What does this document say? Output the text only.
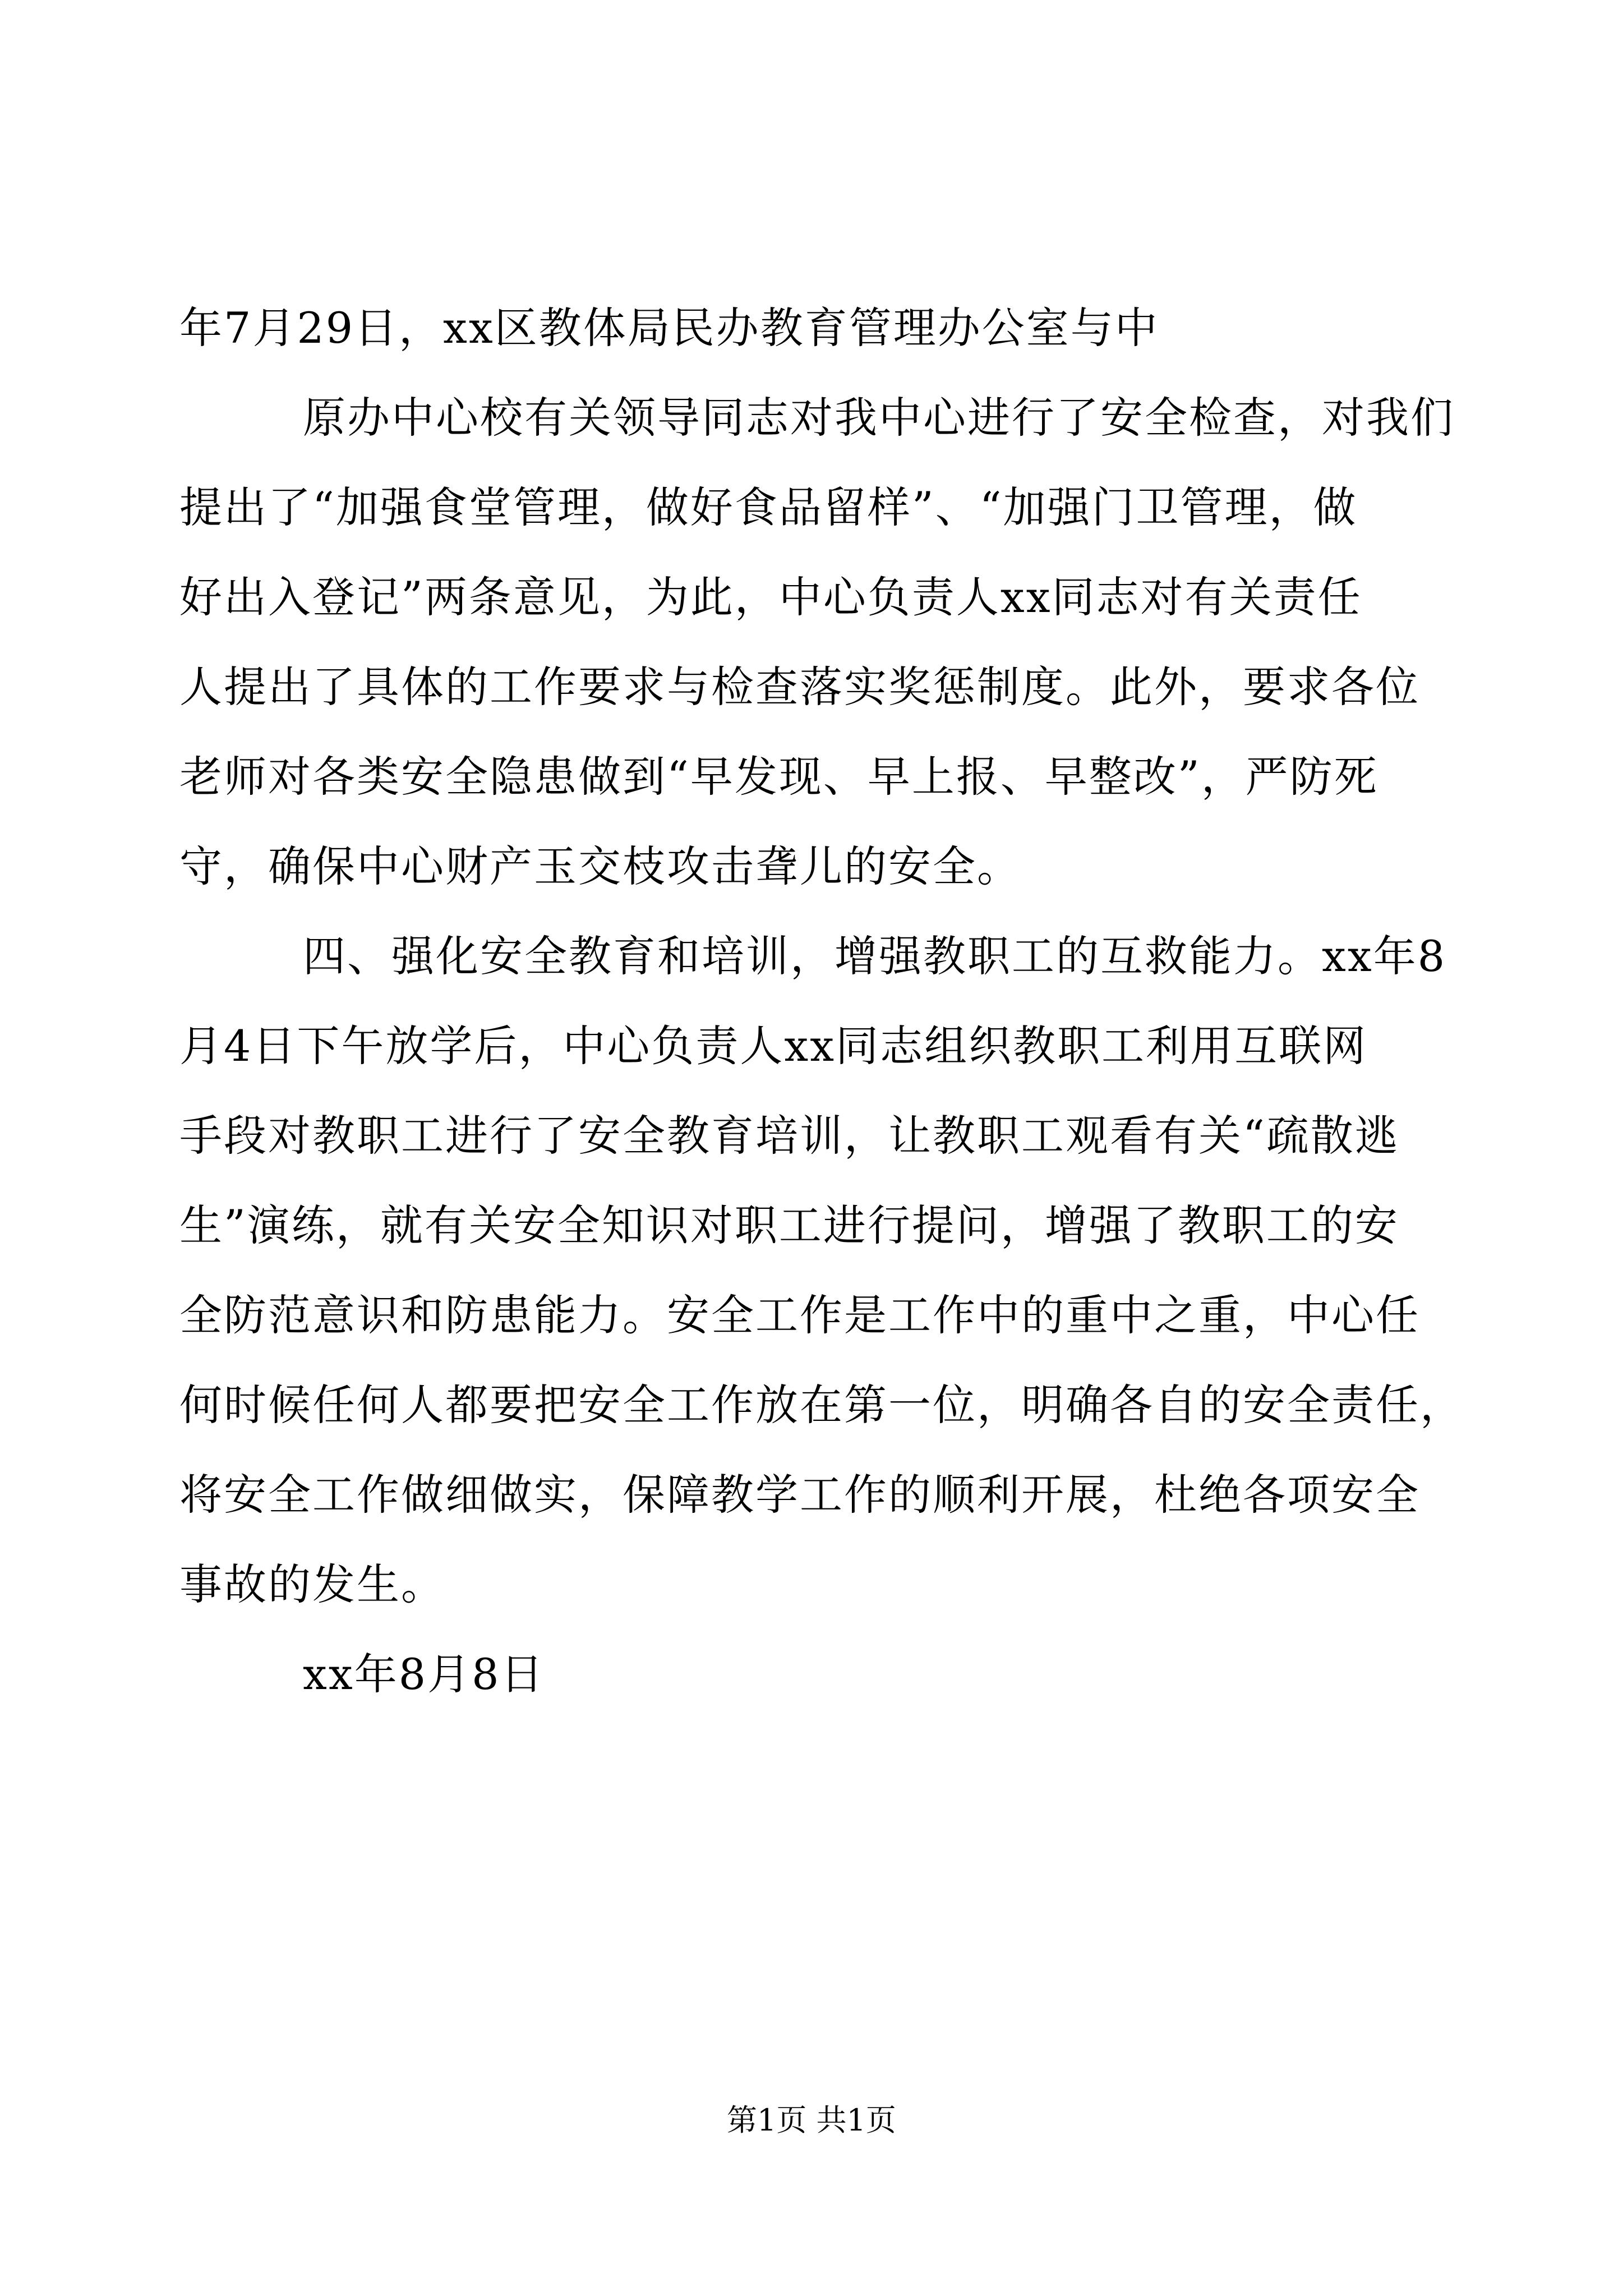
年7月29日，xx区教体局民办教育管理办公室与中
原办中心校有关领导同志对我中心进行了安全检查，对我们
提出了“加强食堂管理，做好食品留样”、“加强门卫管理，做
好出入登记”两条意见，为此，中心负责人xx同志对有关责任
人提出了具体的工作要求与检查落实奖惩制度。此外，要求各位
老师对各类安全隐患做到“早发现、早上报、早整改”，严防死
守，确保中心财产玉交枝攻击聋儿的安全。
四、强化安全教育和培训，增强教职工的互救能力。xx年8
月4日下午放学后，中心负责人xx同志组织教职工利用互联网
手段对教职工进行了安全教育培训，让教职工观看有关“疏散逃
生”演练，就有关安全知识对职工进行提问，增强了教职工的安
全防范意识和防患能力。安全工作是工作中的重中之重，中心任
何时候任何人都要把安全工作放在第一位，明确各自的安全责任，
将安全工作做细做实，保障教学工作的顺利开展，杜绝各项安全
事故的发生。
xx年8月8日
第1页 共1页
